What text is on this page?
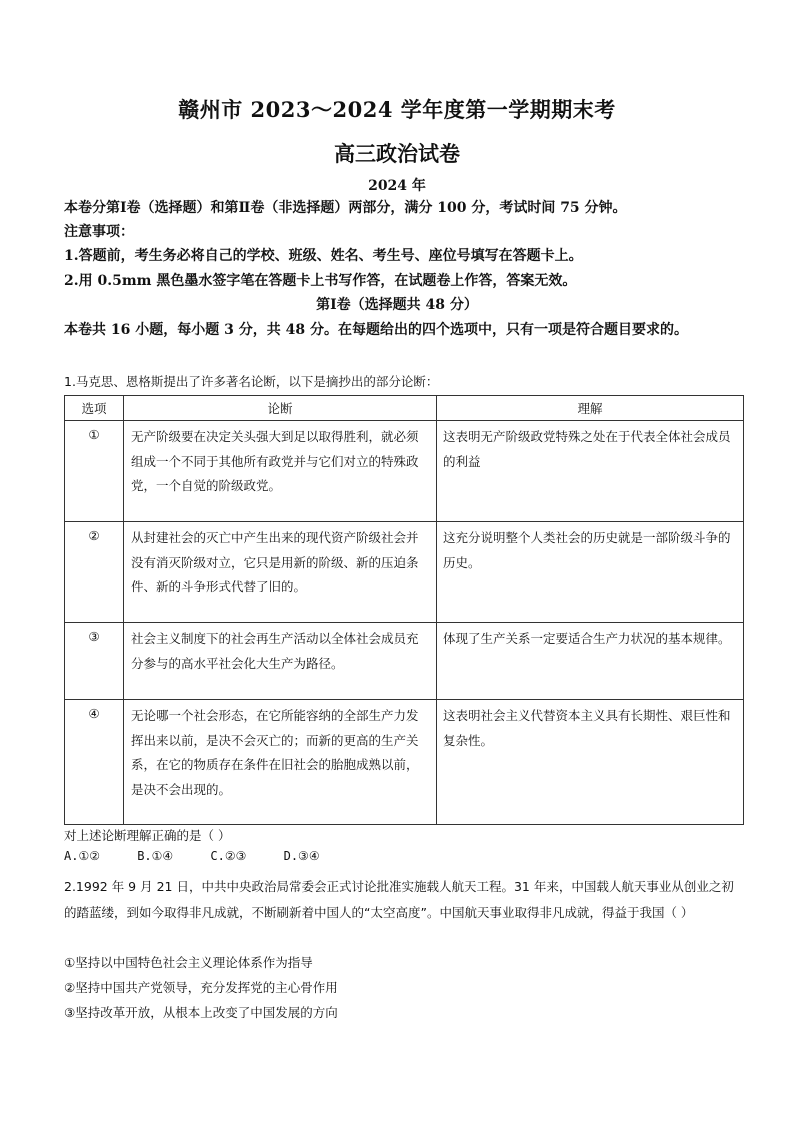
赣州市 2023～2024 学年度第一学期期末考
高三政治试卷
2024 年
本卷分第Ⅰ卷（选择题）和第Ⅱ卷（非选择题）两部分，满分 100 分，考试时间 75 分钟。
注意事项：
1.答题前，考生务必将自己的学校、班级、姓名、考生号、座位号填写在答题卡上。
2.用 0.5mm 黑色墨水签字笔在答题卡上书写作答，在试题卷上作答，答案无效。
第Ⅰ卷（选择题共 48 分）
本卷共 16 小题，每小题 3 分，共 48 分。在每题给出的四个选项中，只有一项是符合题目要求的。
1.马克思、恩格斯提出了许多著名论断，以下是摘抄出的部分论断：
选项	论断	理解
①	无产阶级要在决定关头强大到足以取得胜利，就必须组成一个不同于其他所有政党并与它们对立的特殊政党，一个自觉的阶级政党。	这表明无产阶级政党特殊之处在于代表全体社会成员的利益
②	从封建社会的灭亡中产生出来的现代资产阶级社会并没有消灭阶级对立，它只是用新的阶级、新的压迫条件、新的斗争形式代替了旧的。	这充分说明整个人类社会的历史就是一部阶级斗争的历史。
③	社会主义制度下的社会再生产活动以全体社会成员充分参与的高水平社会化大生产为路径。	体现了生产关系一定要适合生产力状况的基本规律。
④	无论哪一个社会形态，在它所能容纳的全部生产力发挥出来以前，是决不会灭亡的；而新的更高的生产关系，在它的物质存在条件在旧社会的胎胞成熟以前，是决不会出现的。	这表明社会主义代替资本主义具有长期性、艰巨性和复杂性。
对上述论断理解正确的是（ ）
A.①②	B.①④	C.②③	D.③④
2.1992 年 9 月 21 日，中共中央政治局常委会正式讨论批准实施载人航天工程。31 年来，中国载人航天事业从创业之初的踏蓝缕，到如今取得非凡成就，不断刷新着中国人的“太空高度”。中国航天事业取得非凡成就，得益于我国（ ）
①坚持以中国特色社会主义理论体系作为指导
②坚持中国共产党领导，充分发挥党的主心骨作用
③坚持改革开放，从根本上改变了中国发展的方向
